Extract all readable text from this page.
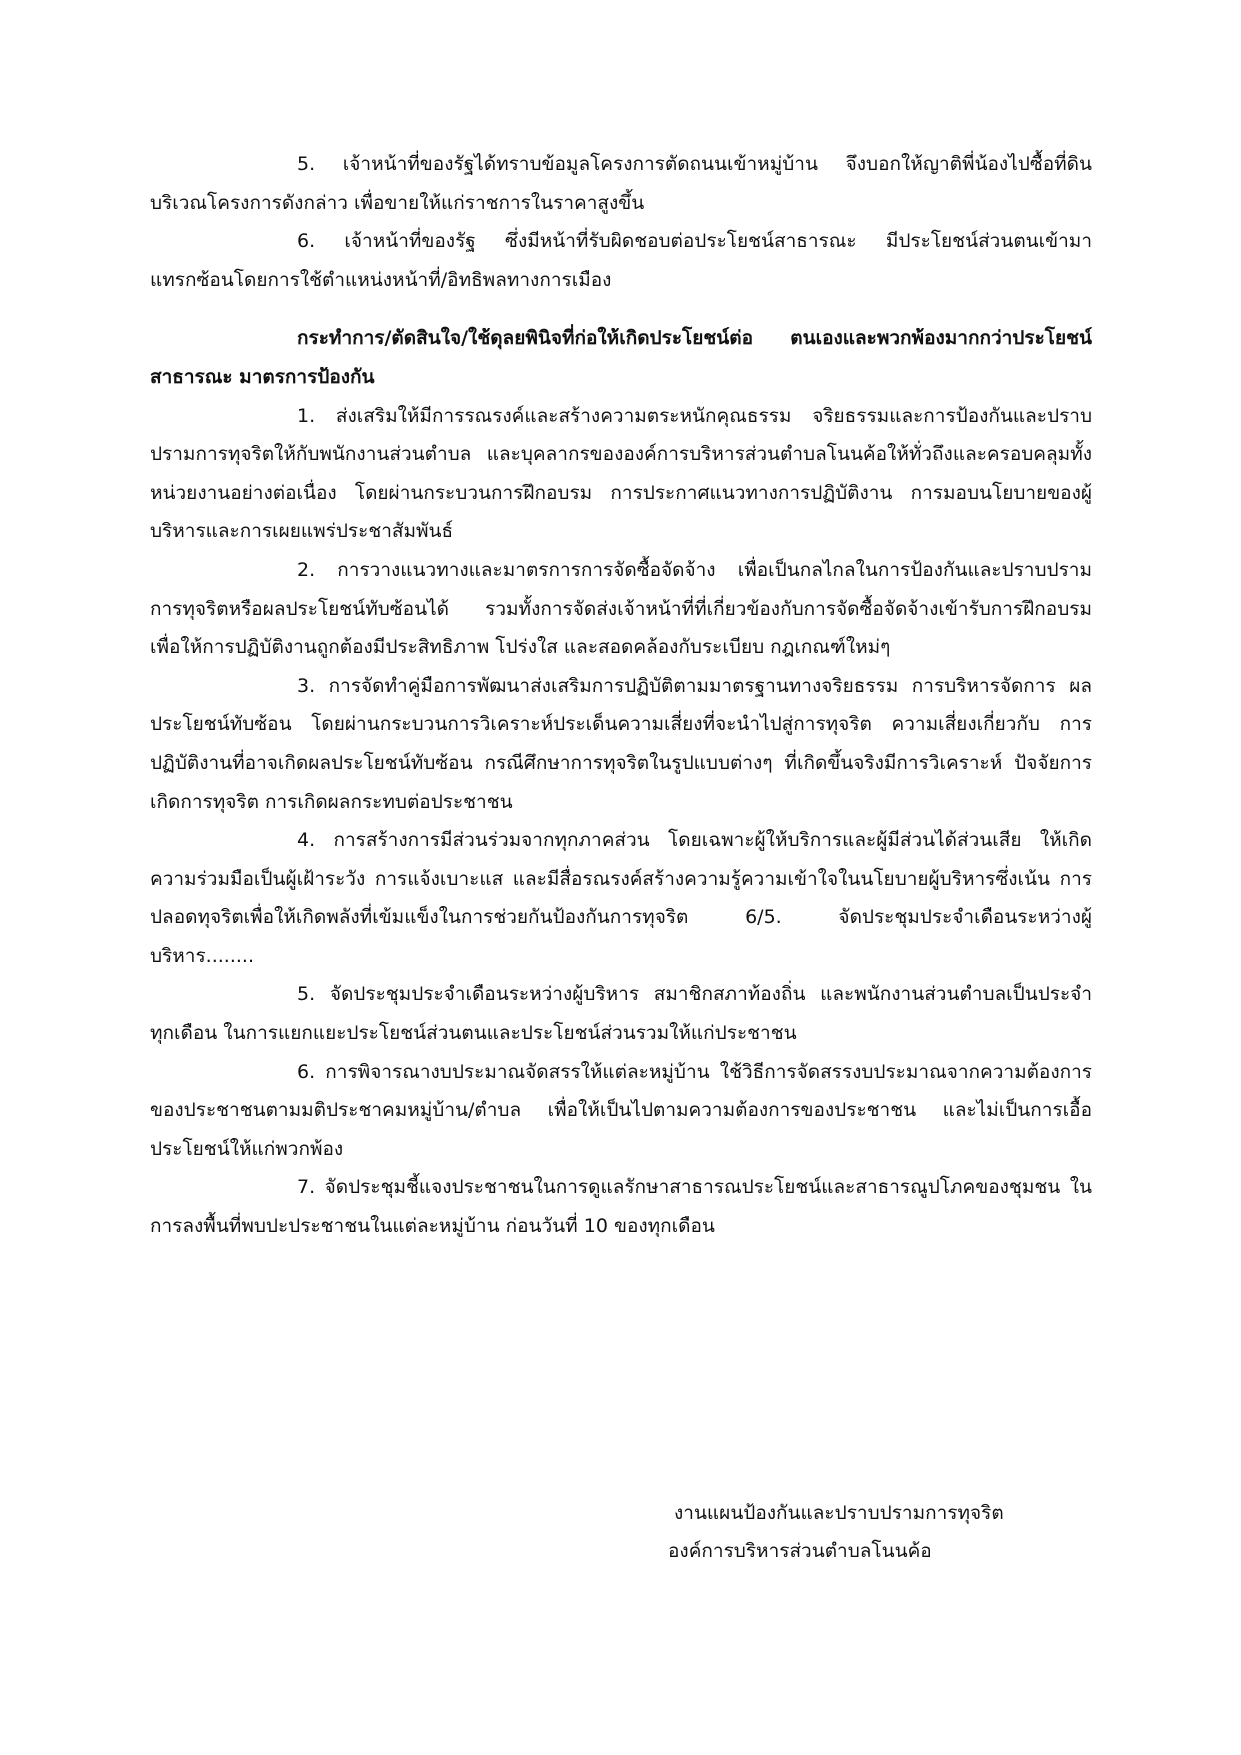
5. เจ้าหน้าที่ของรัฐได้ทราบข้อมูลโครงการตัดถนนเข้าหมู่บ้าน จึงบอกให้ญาติพี่น้องไปซื้อที่ดิน บริเวณโครงการดังกล่าว เพื่อขายให้แก่ราชการในราคาสูงขึ้น

6. เจ้าหน้าที่ของรัฐ ซึ่งมีหน้าที่รับผิดชอบต่อประโยชน์สาธารณะ มีประโยชน์ส่วนตนเข้ามาแทรกซ้อนโดยการใช้ตำแหน่งหน้าที่/อิทธิพลทางการเมือง

กระทำการ/ตัดสินใจ/ใช้ดุลยพินิจที่ก่อให้เกิดประโยชน์ต่อ ตนเองและพวกพ้องมากกว่าประโยชน์สาธารณะ มาตรการป้องกัน

1. ส่งเสริมให้มีการรณรงค์และสร้างความตระหนักคุณธรรม จริยธรรมและการป้องกันและปราบปรามการทุจริตให้กับพนักงานส่วนตำบล และบุคลากรขององค์การบริหารส่วนตำบลโนนค้อให้ทั่วถึงและครอบคลุมทั้งหน่วยงานอย่างต่อเนื่อง โดยผ่านกระบวนการฝึกอบรม การประกาศแนวทางการปฏิบัติงาน การมอบนโยบายของผู้บริหารและการเผยแพร่ประชาสัมพันธ์

2. การวางแนวทางและมาตรการการจัดซื้อจัดจ้าง เพื่อเป็นกลไกลในการป้องกันและปราบปรามการทุจริตหรือผลประโยชน์ทับซ้อนได้ รวมทั้งการจัดส่งเจ้าหน้าที่ที่เกี่ยวข้องกับการจัดซื้อจัดจ้างเข้ารับการฝึกอบรม เพื่อให้การปฏิบัติงานถูกต้องมีประสิทธิภาพ โปร่งใส และสอดคล้องกับระเบียบ กฎเกณฑ์ใหม่ๆ

3. การจัดทำคู่มือการพัฒนาส่งเสริมการปฏิบัติตามมาตรฐานทางจริยธรรม การบริหารจัดการ ผลประโยชน์ทับซ้อน โดยผ่านกระบวนการวิเคราะห์ประเด็นความเสี่ยงที่จะนำไปสู่การทุจริต ความเสี่ยงเกี่ยวกับ การปฏิบัติงานที่อาจเกิดผลประโยชน์ทับซ้อน กรณีศึกษาการทุจริตในรูปแบบต่างๆ ที่เกิดขึ้นจริงมีการวิเคราะห์ ปัจจัยการเกิดการทุจริต การเกิดผลกระทบต่อประชาชน

4. การสร้างการมีส่วนร่วมจากทุกภาคส่วน โดยเฉพาะผู้ให้บริการและผู้มีส่วนได้ส่วนเสีย ให้เกิด ความร่วมมือเป็นผู้เฝ้าระวัง การแจ้งเบาะแส และมีสื่อรณรงค์สร้างความรู้ความเข้าใจในนโยบายผู้บริหารซึ่งเน้น การปลอดทุจริตเพื่อให้เกิดพลังที่เข้มแข็งในการช่วยกันป้องกันการทุจริต 6/5. จัดประชุมประจำเดือนระหว่างผู้บริหาร........

5. จัดประชุมประจำเดือนระหว่างผู้บริหาร สมาชิกสภาท้องถิ่น และพนักงานส่วนตำบลเป็นประจำ ทุกเดือน ในการแยกแยะประโยชน์ส่วนตนและประโยชน์ส่วนรวมให้แก่ประชาชน

6. การพิจารณางบประมาณจัดสรรให้แต่ละหมู่บ้าน ใช้วิธีการจัดสรรงบประมาณจากความต้องการ ของประชาชนตามมติประชาคมหมู่บ้าน/ตำบล เพื่อให้เป็นไปตามความต้องการของประชาชน และไม่เป็นการเอื้อ ประโยชน์ให้แก่พวกพ้อง

7. จัดประชุมชี้แจงประชาชนในการดูแลรักษาสาธารณประโยชน์และสาธารณูปโภคของชุมชน ใน การลงพื้นที่พบปะประชาชนในแต่ละหมู่บ้าน ก่อนวันที่ 10 ของทุกเดือน

งานแผนป้องกันและปราบปรามการทุจริต
องค์การบริหารส่วนตำบลโนนค้อ
